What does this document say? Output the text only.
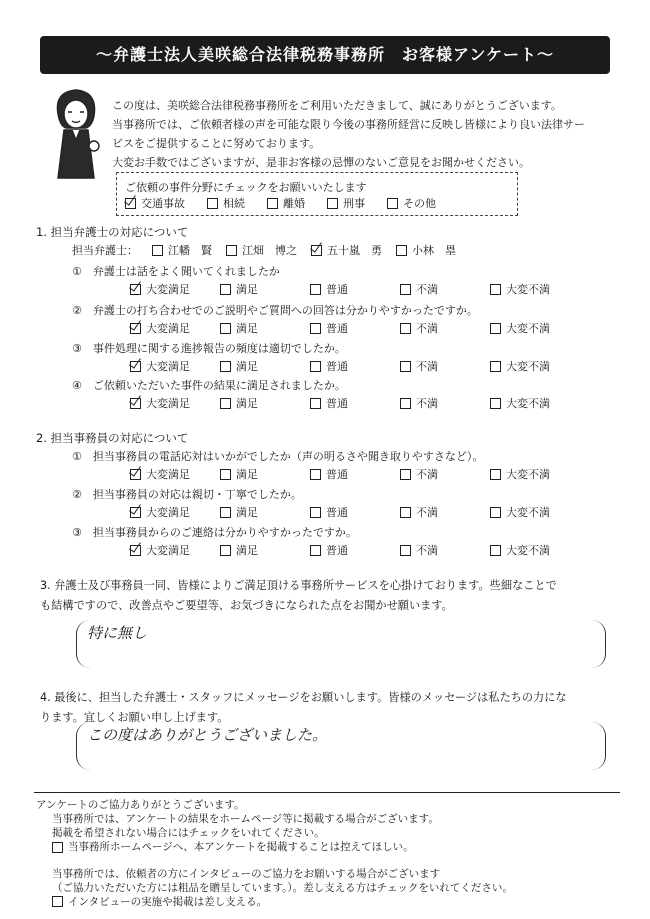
～弁護士法人美咲総合法律税務事務所　お客様アンケート～
この度は、美咲総合法律税務事務所をご利用いただきまして、誠にありがとうございます。
当事務所では、ご依頼者様の声を可能な限り今後の事務所経営に反映し皆様により良い法律サー
ビスをご提供することに努めております。
大変お手数ではございますが、是非お客様の忌憚のないご意見をお聞かせください。
ご依頼の事件分野にチェックをお願いいたします
交通事故	相続	離婚	刑事	その他
1. 担当弁護士の対応について
担当弁護士：	江幡　賢	江畑　博之	五十嵐　勇	小林　塁
①　弁護士は話をよく聞いてくれましたか
大変満足	満足	普通	不満	大変不満
②　弁護士の打ち合わせでのご説明やご質問への回答は分かりやすかったですか。
大変満足	満足	普通	不満	大変不満
③　事件処理に関する進捗報告の頻度は適切でしたか。
大変満足	満足	普通	不満	大変不満
④　ご依頼いただいた事件の結果に満足されましたか。
大変満足	満足	普通	不満	大変不満
2. 担当事務員の対応について
①　担当事務員の電話応対はいかがでしたか（声の明るさや聞き取りやすさなど）。
大変満足	満足	普通	不満	大変不満
②　担当事務員の対応は親切・丁寧でしたか。
大変満足	満足	普通	不満	大変不満
③　担当事務員からのご連絡は分かりやすかったですか。
大変満足	満足	普通	不満	大変不満
3. 弁護士及び事務員一同、皆様によりご満足頂ける事務所サービスを心掛けております。些細なことで
も結構ですので、改善点やご要望等、お気づきになられた点をお聞かせ願います。
特に無し
4. 最後に、担当した弁護士・スタッフにメッセージをお願いします。皆様のメッセージは私たちの力にな
ります。宜しくお願い申し上げます。
この度はありがとうございました。
アンケートのご協力ありがとうございます。
当事務所では、アンケートの結果をホームページ等に掲載する場合がございます。
掲載を希望されない場合にはチェックをいれてください。
当事務所ホームページへ、本アンケートを掲載することは控えてほしい。
当事務所では、依頼者の方にインタビューのご協力をお願いする場合がございます
（ご協力いただいた方には粗品を贈呈しています。）。差し支える方はチェックをいれてください。
インタビューの実施や掲載は差し支える。
